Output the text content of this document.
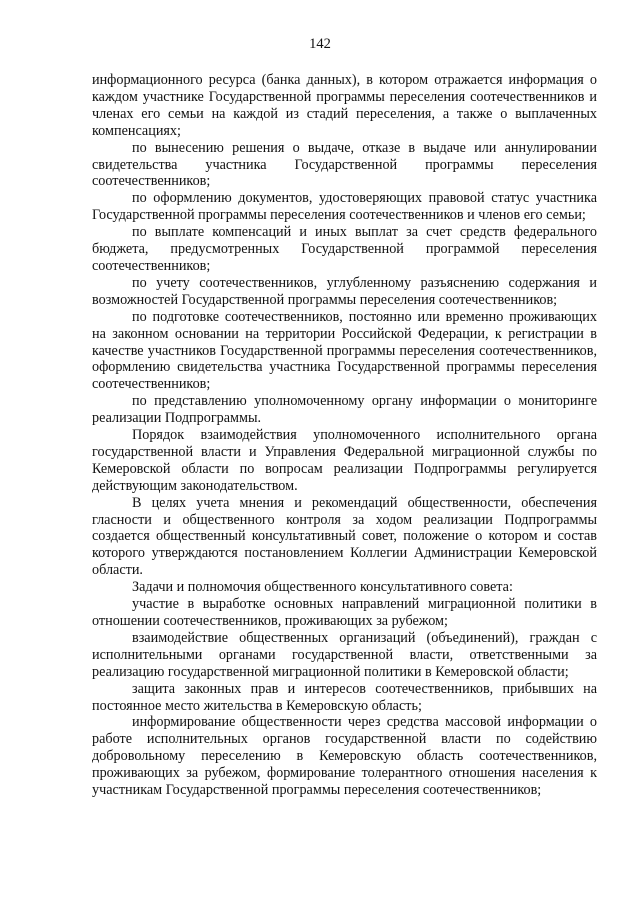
142

информационного ресурса (банка данных), в котором отражается информация о каждом участнике Государственной программы переселения соотечественников и членах его семьи на каждой из стадий переселения, а также о выплаченных компенсациях;

по вынесению решения о выдаче, отказе в выдаче или аннулировании свидетельства участника Государственной программы переселения соотечественников;

по оформлению документов, удостоверяющих правовой статус участника Государственной программы переселения соотечественников и членов его семьи;

по выплате компенсаций и иных выплат за счет средств федерального бюджета, предусмотренных Государственной программой переселения соотечественников;

по учету соотечественников, углубленному разъяснению содержания и возможностей Государственной программы переселения соотечественников;

по подготовке соотечественников, постоянно или временно проживающих на законном основании на территории Российской Федерации, к регистрации в качестве участников Государственной программы переселения соотечественников, оформлению свидетельства участника Государственной программы переселения соотечественников;

по представлению уполномоченному органу информации о мониторинге реализации Подпрограммы.

Порядок взаимодействия уполномоченного исполнительного органа государственной власти и Управления Федеральной миграционной службы по Кемеровской области по вопросам реализации Подпрограммы регулируется действующим законодательством.

В целях учета мнения и рекомендаций общественности, обеспечения гласности и общественного контроля за ходом реализации Подпрограммы создается общественный консультативный совет, положение о котором и состав которого утверждаются постановлением Коллегии Администрации Кемеровской области.

Задачи и полномочия общественного консультативного совета:

участие в выработке основных направлений миграционной политики в отношении соотечественников, проживающих за рубежом;

взаимодействие общественных организаций (объединений), граждан с исполнительными органами государственной власти, ответственными за реализацию государственной миграционной политики в Кемеровской области;

защита законных прав и интересов соотечественников, прибывших на постоянное место жительства в Кемеровскую область;

информирование общественности через средства массовой информации о работе исполнительных органов государственной власти по содействию добровольному переселению в Кемеровскую область соотечественников, проживающих за рубежом, формирование толерантного отношения населения к участникам Государственной программы переселения соотечественников;
